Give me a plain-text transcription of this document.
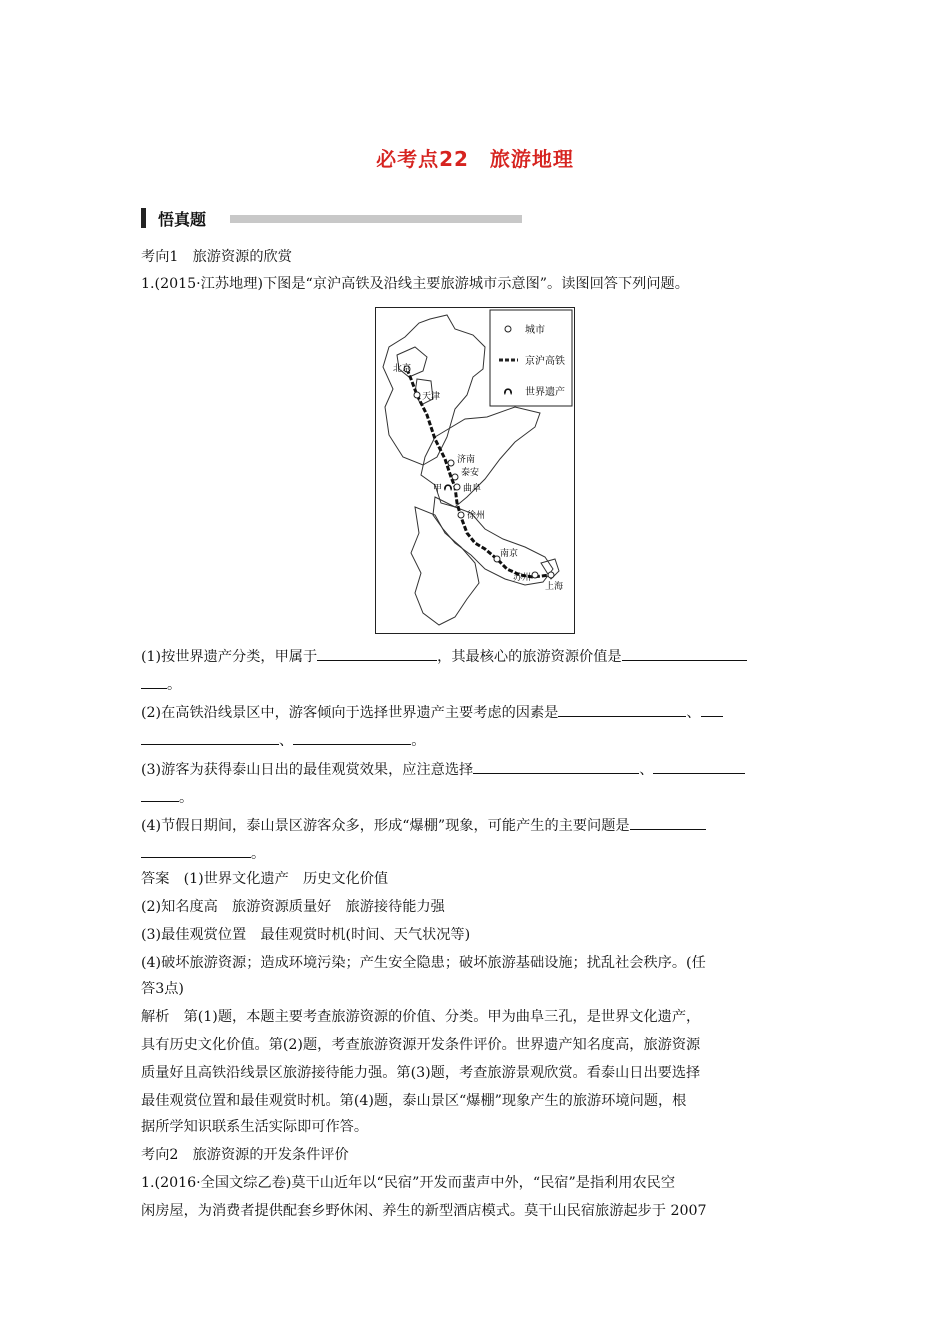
必考点22　旅游地理
悟真题
考向1　旅游资源的欣赏
1.(2015·江苏地理)下图是“京沪高铁及沿线主要旅游城市示意图”。读图回答下列问题。
城市
京沪高铁
世界遗产
北京
天津
济南
泰安
甲 曲阜
徐州
南京
苏州
上海
(1)按世界遗产分类，甲属于	，其最核心的旅游资源价值是
。
(2)在高铁沿线景区中，游客倾向于选择世界遗产主要考虑的因素是	、
、	。
(3)游客为获得泰山日出的最佳观赏效果，应注意选择	、
。
(4)节假日期间，泰山景区游客众多，形成“爆棚”现象，可能产生的主要问题是
。
答案　(1)世界文化遗产　历史文化价值
(2)知名度高　旅游资源质量好　旅游接待能力强
(3)最佳观赏位置　最佳观赏时机(时间、天气状况等)
(4)破坏旅游资源；造成环境污染；产生安全隐患；破坏旅游基础设施；扰乱社会秩序。(任
答3点)
解析　第(1)题，本题主要考查旅游资源的价值、分类。甲为曲阜三孔，是世界文化遗产，
具有历史文化价值。第(2)题，考查旅游资源开发条件评价。世界遗产知名度高，旅游资源
质量好且高铁沿线景区旅游接待能力强。第(3)题，考查旅游景观欣赏。看泰山日出要选择
最佳观赏位置和最佳观赏时机。第(4)题，泰山景区“爆棚”现象产生的旅游环境问题，根
据所学知识联系生活实际即可作答。
考向2　旅游资源的开发条件评价
1.(2016·全国文综乙卷)莫干山近年以“民宿”开发而蜚声中外，“民宿”是指利用农民空
闲房屋，为消费者提供配套乡野休闲、养生的新型酒店模式。莫干山民宿旅游起步于 2007
